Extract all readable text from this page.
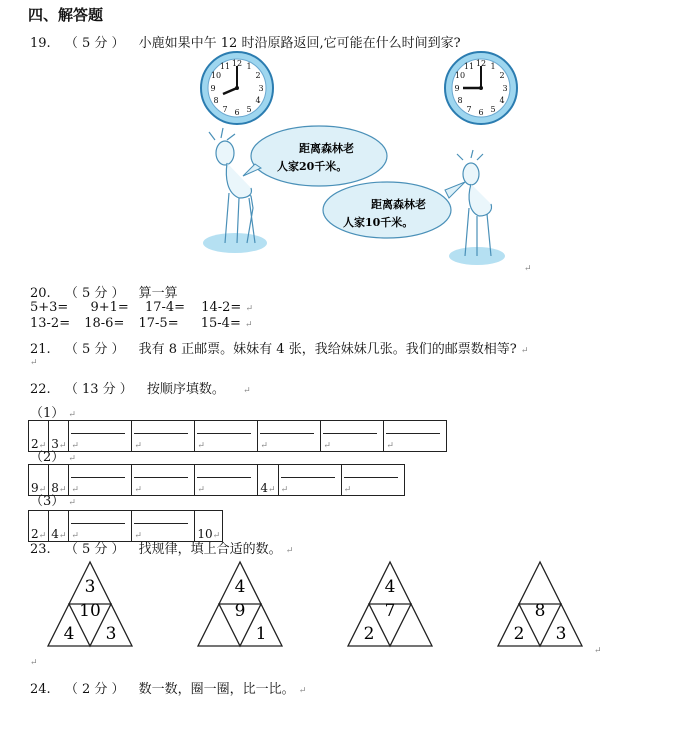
四、解答题
19. （ 5 分 ） 小鹿如果中午 12 时沿原路返回,它可能在什么时间到家?
12 1
2
3
4
5
6
7
8
9
10
11	12 1
2
3
4
5
6
7
8
9
10
11
距离森林老
人家20千米。
距离森林老
人家10千米。
↵
20. （ 5 分 ） 算一算
5+3= 9+1= 17-4= 14-2= ↵
13-2= 18-6= 17-5= 15-4= ↵
21. （ 5 分 ） 我有 8 正邮票。妹妹有 4 张，我给妹妹几张。我们的邮票数相等? ↵
↵
22. （ 13 分 ） 按顺序填数。 ↵
（1） ↵
2↵	3↵	↵	↵	↵	↵	↵	↵
（2） ↵
9↵	8↵	↵	↵	↵	4↵	↵	↵
（3） ↵
2↵	4↵	↵	↵	10↵
23. （ 5 分 ） 找规律，填上合适的数。 ↵
3
10
4 3
4
9
1
4
7
2
8
2 3
↵
↵
24. （ 2 分 ） 数一数，圈一圈，比一比。 ↵
